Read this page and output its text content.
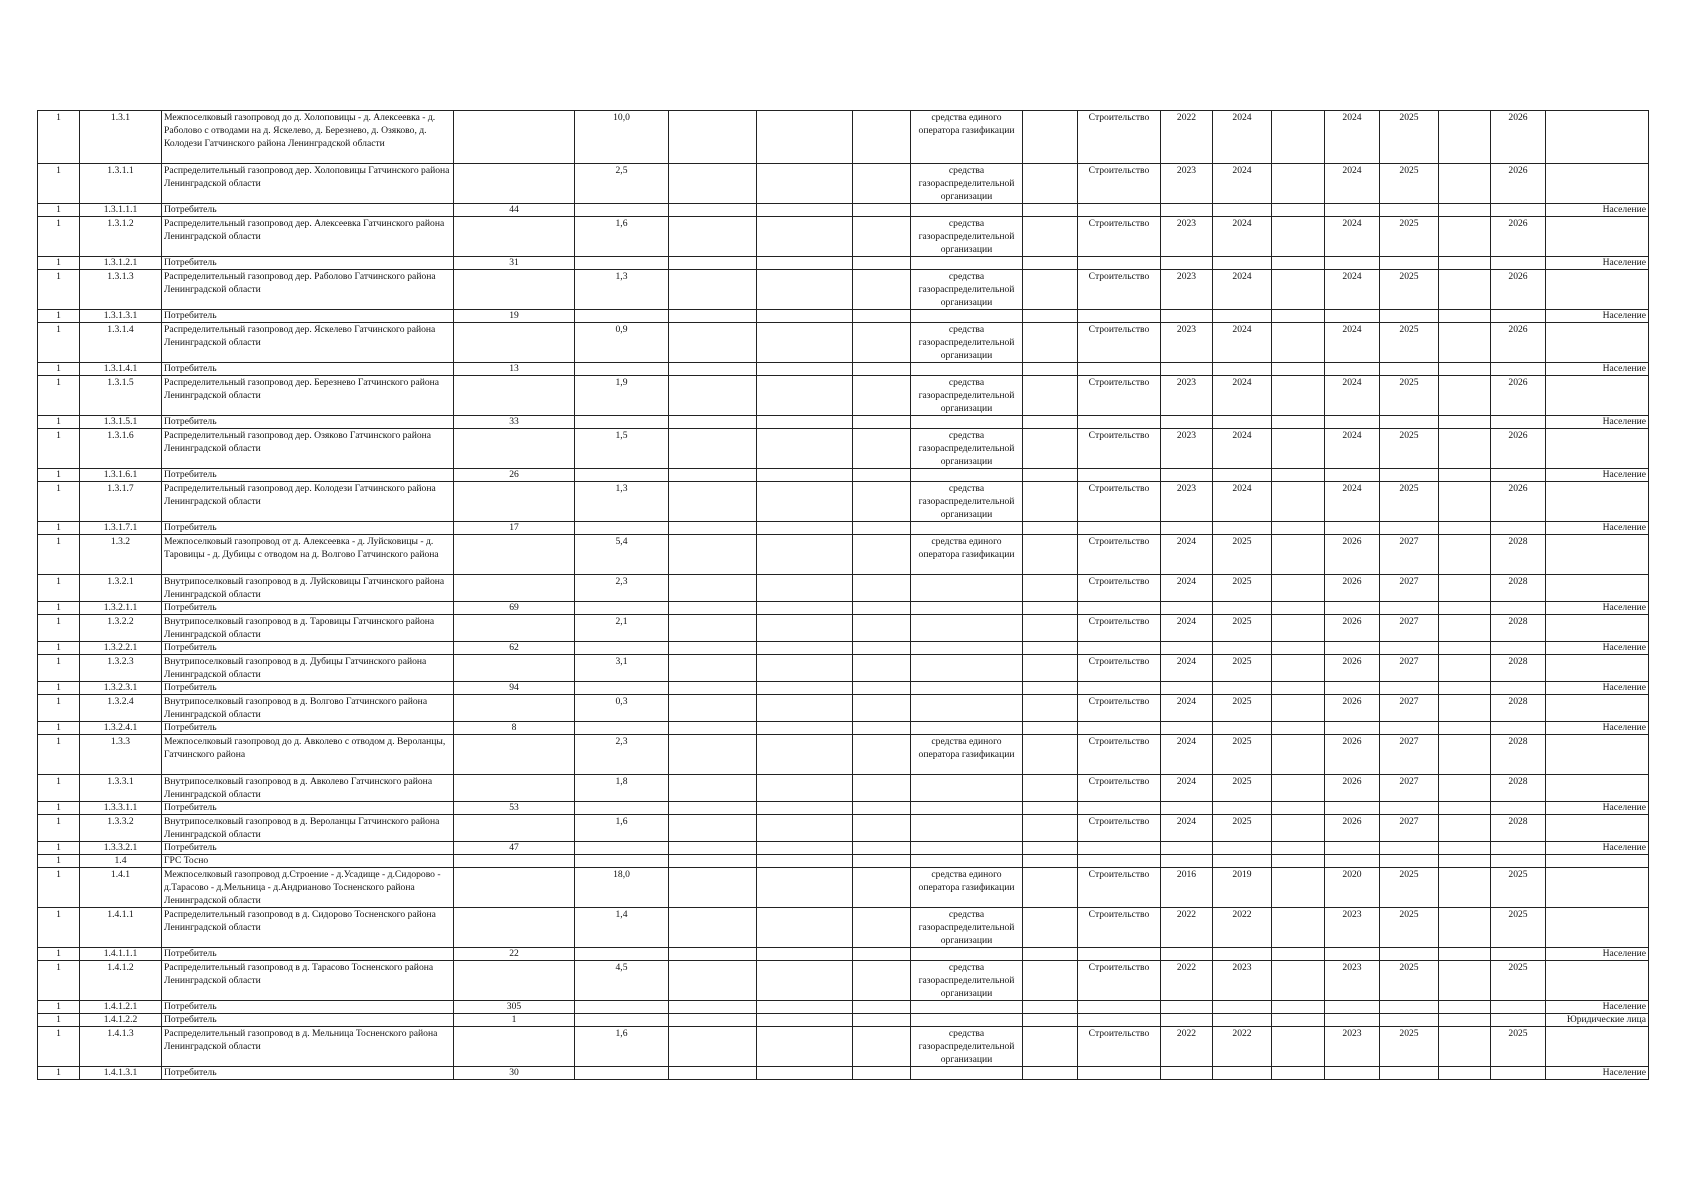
1	1.3.1	Межпоселковый газопровод до д. Холоповицы - д. Алексеевка - д. Раболово с отводами на д. Яскелево, д. Березнево, д. Озяково, д. Колодези Гатчинского района Ленинградской области		10,0				средства единого оператора газификации		Строительство	2022	2024		2024	2025		2026	
1	1.3.1.1	Распределительный газопровод дер. Холоповицы Гатчинского района Ленинградской области		2,5				средства газораспределительной организации		Строительство	2023	2024		2024	2025		2026	
1	1.3.1.1.1	Потребитель	44															Население
1	1.3.1.2	Распределительный газопровод дер. Алексеевка Гатчинского района Ленинградской области		1,6				средства газораспределительной организации		Строительство	2023	2024		2024	2025		2026	
1	1.3.1.2.1	Потребитель	31															Население
1	1.3.1.3	Распределительный газопровод дер. Раболово Гатчинского района Ленинградской области		1,3				средства газораспределительной организации		Строительство	2023	2024		2024	2025		2026	
1	1.3.1.3.1	Потребитель	19															Население
1	1.3.1.4	Распределительный газопровод дер. Яскелево Гатчинского района Ленинградской области		0,9				средства газораспределительной организации		Строительство	2023	2024		2024	2025		2026	
1	1.3.1.4.1	Потребитель	13															Население
1	1.3.1.5	Распределительный газопровод дер. Березнево Гатчинского района Ленинградской области		1,9				средства газораспределительной организации		Строительство	2023	2024		2024	2025		2026	
1	1.3.1.5.1	Потребитель	33															Население
1	1.3.1.6	Распределительный газопровод дер. Озяково Гатчинского района Ленинградской области		1,5				средства газораспределительной организации		Строительство	2023	2024		2024	2025		2026	
1	1.3.1.6.1	Потребитель	26															Население
1	1.3.1.7	Распределительный газопровод дер. Колодези Гатчинского района Ленинградской области		1,3				средства газораспределительной организации		Строительство	2023	2024		2024	2025		2026	
1	1.3.1.7.1	Потребитель	17															Население
1	1.3.2	Межпоселковый газопровод от д. Алексеевка - д. Луйсковицы - д. Таровицы - д. Дубицы с отводом на д. Волгово Гатчинского района		5,4				средства единого оператора газификации		Строительство	2024	2025		2026	2027		2028	
1	1.3.2.1	Внутрипоселковый газопровод в д. Луйсковицы Гатчинского района Ленинградской области		2,3						Строительство	2024	2025		2026	2027		2028	
1	1.3.2.1.1	Потребитель	69															Население
1	1.3.2.2	Внутрипоселковый газопровод в д. Таровицы Гатчинского района Ленинградской области		2,1						Строительство	2024	2025		2026	2027		2028	
1	1.3.2.2.1	Потребитель	62															Население
1	1.3.2.3	Внутрипоселковый газопровод в д. Дубицы Гатчинского района Ленинградской области		3,1						Строительство	2024	2025		2026	2027		2028	
1	1.3.2.3.1	Потребитель	94															Население
1	1.3.2.4	Внутрипоселковый газопровод в д. Волгово Гатчинского района Ленинградской области		0,3						Строительство	2024	2025		2026	2027		2028	
1	1.3.2.4.1	Потребитель	8															Население
1	1.3.3	Межпоселковый газопровод до д. Авколево с отводом д. Вероланцы, Гатчинского района		2,3				средства единого оператора газификации		Строительство	2024	2025		2026	2027		2028	
1	1.3.3.1	Внутрипоселковый газопровод в д. Авколево Гатчинского района Ленинградской области		1,8						Строительство	2024	2025		2026	2027		2028	
1	1.3.3.1.1	Потребитель	53															Население
1	1.3.3.2	Внутрипоселковый газопровод в д. Вероланцы Гатчинского района Ленинградской области		1,6						Строительство	2024	2025		2026	2027		2028	
1	1.3.3.2.1	Потребитель	47															Население
1	1.4	ГРС Тосно																
1	1.4.1	Межпоселковый газопровод д.Строение - д.Усадище - д.Сидорово - д.Тарасово - д.Мельница - д.Андрианово Тосненского района Ленинградской области		18,0				средства единого оператора газификации		Строительство	2016	2019		2020	2025		2025	
1	1.4.1.1	Распределительный газопровод в д. Сидорово Тосненского района Ленинградской области		1,4				средства газораспределительной организации		Строительство	2022	2022		2023	2025		2025	
1	1.4.1.1.1	Потребитель	22															Население
1	1.4.1.2	Распределительный газопровод в д. Тарасово Тосненского района Ленинградской области		4,5				средства газораспределительной организации		Строительство	2022	2023		2023	2025		2025	
1	1.4.1.2.1	Потребитель	305															Население
1	1.4.1.2.2	Потребитель	1															Юридические лица
1	1.4.1.3	Распределительный газопровод в д. Мельница Тосненского района Ленинградской области		1,6				средства газораспределительной организации		Строительство	2022	2022		2023	2025		2025	
1	1.4.1.3.1	Потребитель	30															Население
